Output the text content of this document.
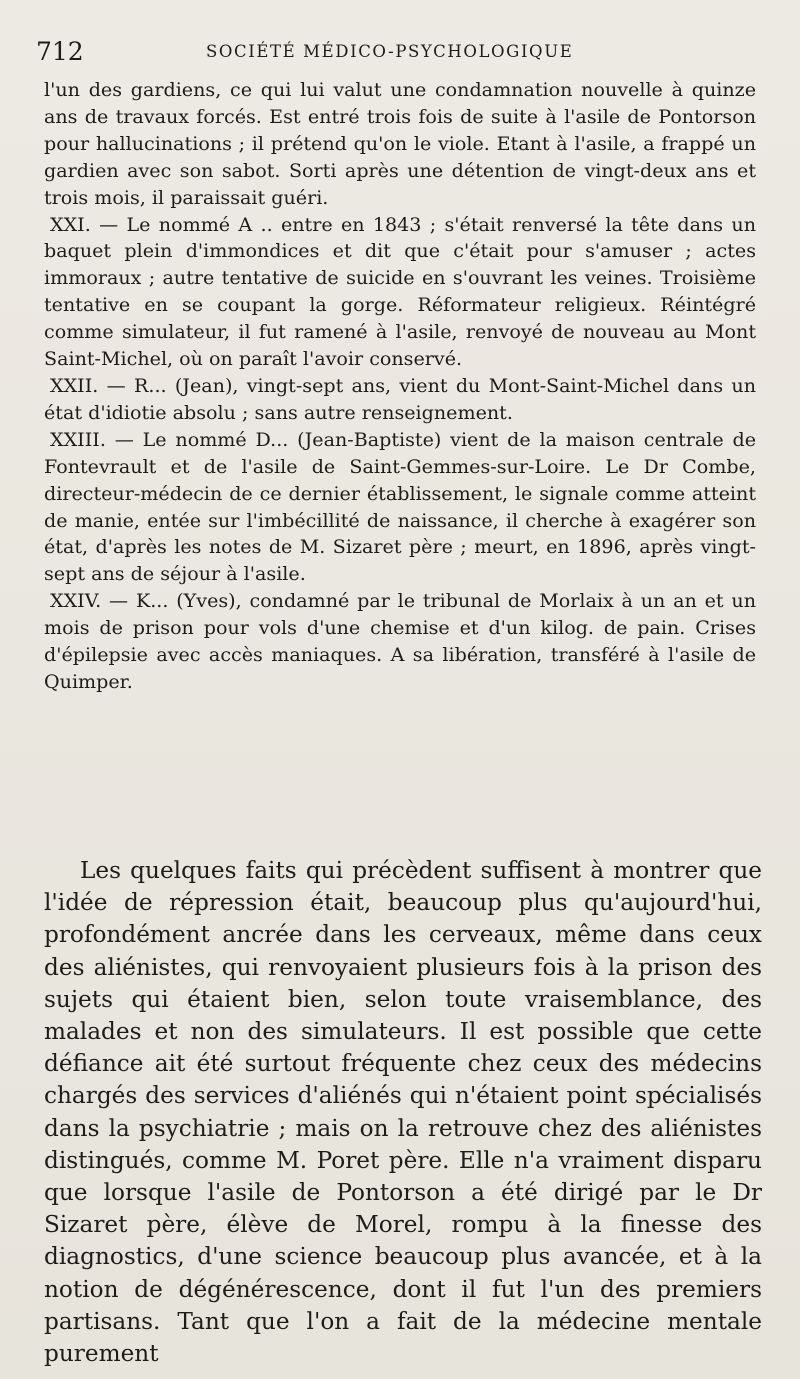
712	SOCIÉTÉ MÉDICO-PSYCHOLOGIQUE

l'un des gardiens, ce qui lui valut une condamnation nouvelle à quinze ans de travaux forcés. Est entré trois fois de suite à l'asile de Pontorson pour hallucinations ; il prétend qu'on le viole. Etant à l'asile, a frappé un gardien avec son sabot. Sorti après une détention de vingt-deux ans et trois mois, il paraissait guéri.

XXI. — Le nommé A .. entre en 1843 ; s'était renversé la tête dans un baquet plein d'immondices et dit que c'était pour s'amuser ; actes immoraux ; autre tentative de suicide en s'ouvrant les veines. Troisième tentative en se coupant la gorge. Réformateur religieux. Réintégré comme simulateur, il fut ramené à l'asile, renvoyé de nouveau au Mont Saint-Michel, où on paraît l'avoir conservé.

XXII. — R... (Jean), vingt-sept ans, vient du Mont-Saint-Michel dans un état d'idiotie absolu ; sans autre renseignement.

XXIII. — Le nommé D... (Jean-Baptiste) vient de la maison centrale de Fontevrault et de l'asile de Saint-Gemmes-sur-Loire. Le Dr Combe, directeur-médecin de ce dernier établissement, le signale comme atteint de manie, entée sur l'imbécillité de naissance, il cherche à exagérer son état, d'après les notes de M. Sizaret père ; meurt, en 1896, après vingt-sept ans de séjour à l'asile.

XXIV. — K... (Yves), condamné par le tribunal de Morlaix à un an et un mois de prison pour vols d'une chemise et d'un kilog. de pain. Crises d'épilepsie avec accès maniaques. A sa libération, transféré à l'asile de Quimper.

Les quelques faits qui précèdent suffisent à montrer que l'idée de répression était, beaucoup plus qu'aujourd'hui, profondément ancrée dans les cerveaux, même dans ceux des aliénistes, qui renvoyaient plusieurs fois à la prison des sujets qui étaient bien, selon toute vraisemblance, des malades et non des simulateurs. Il est possible que cette défiance ait été surtout fréquente chez ceux des médecins chargés des services d'aliénés qui n'étaient point spécialisés dans la psychiatrie ; mais on la retrouve chez des aliénistes distingués, comme M. Poret père. Elle n'a vraiment disparu que lorsque l'asile de Pontorson a été dirigé par le Dr Sizaret père, élève de Morel, rompu à la finesse des diagnostics, d'une science beaucoup plus avancée, et à la notion de dégénérescence, dont il fut l'un des premiers partisans. Tant que l'on a fait de la médecine mentale purement
